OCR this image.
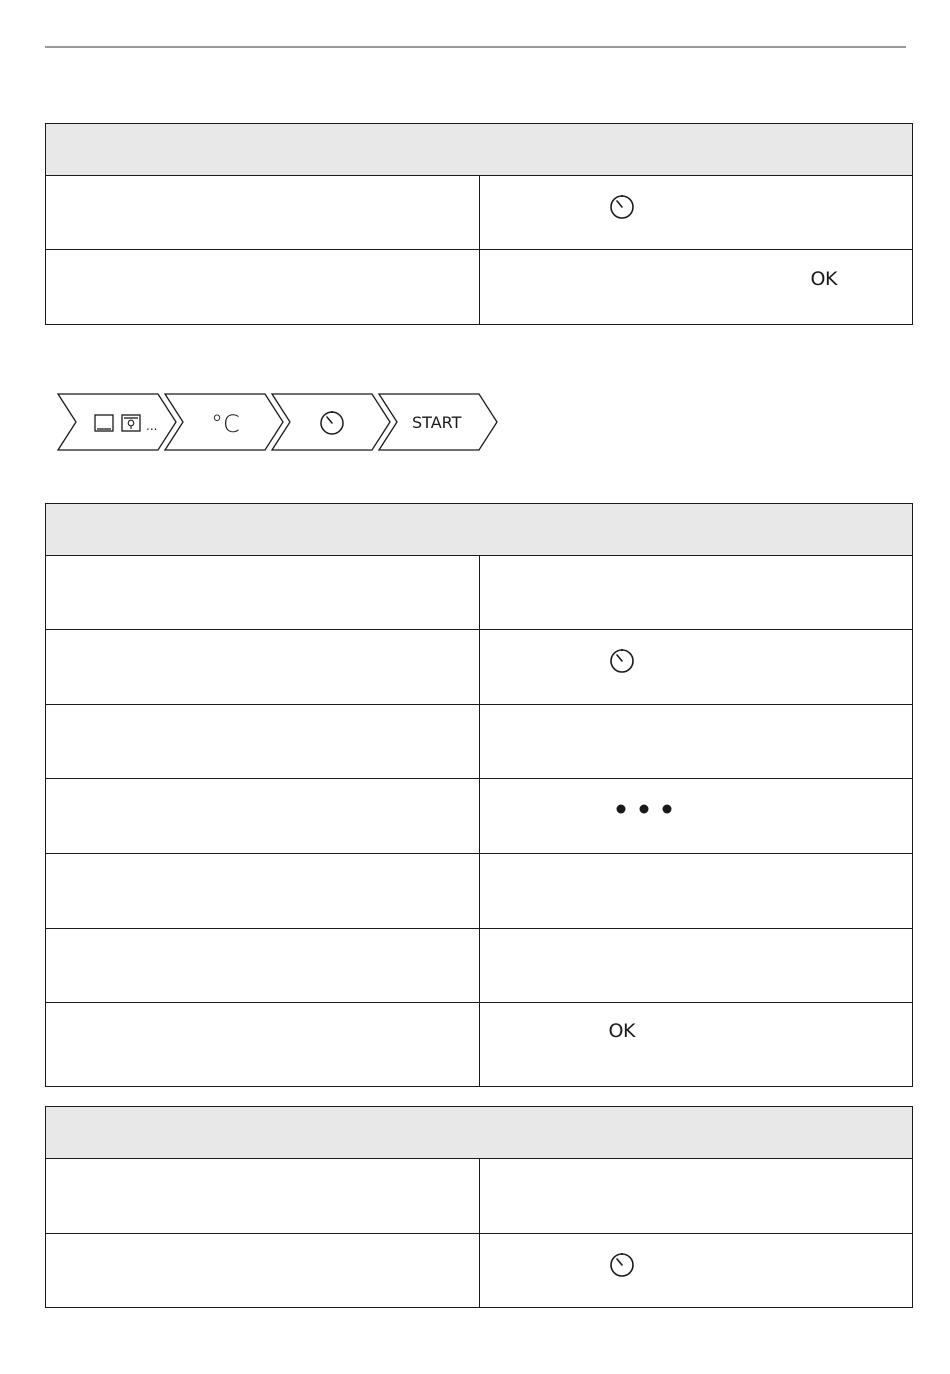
OK
... °C	START

OK
